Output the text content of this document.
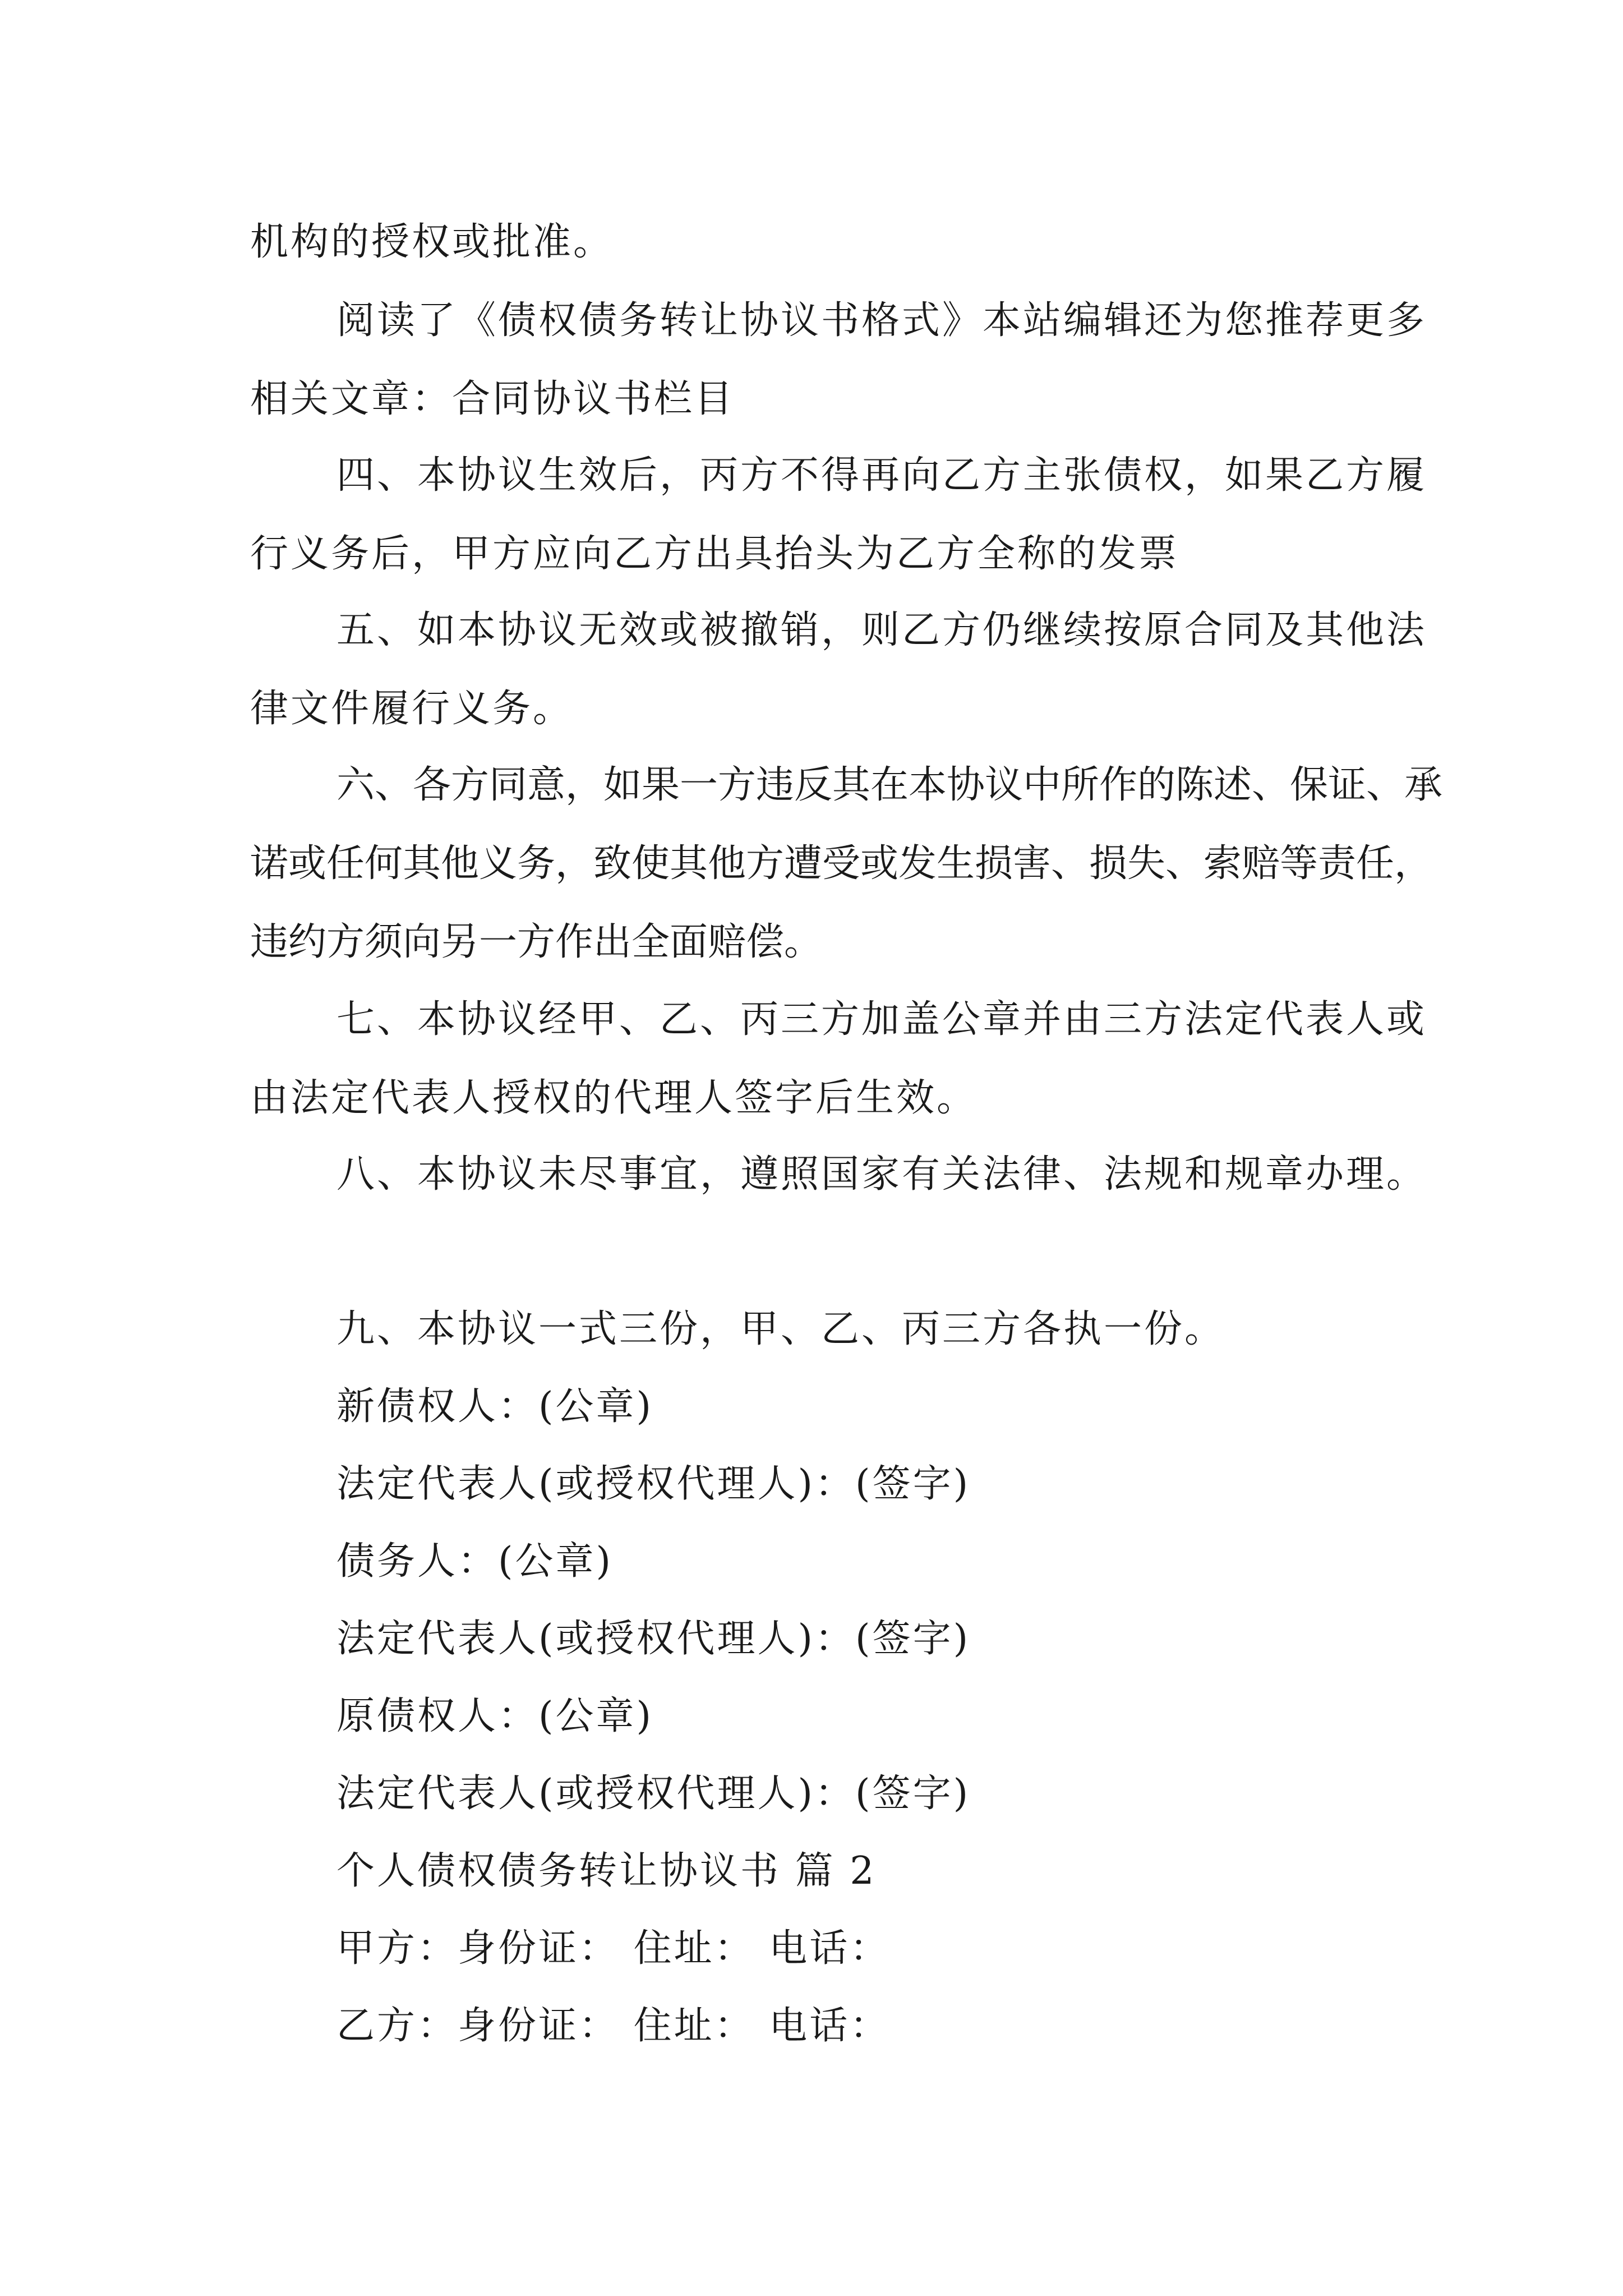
机构的授权或批准。

阅读了《债权债务转让协议书格式》本站编辑还为您推荐更多相关文章：合同协议书栏目

四、本协议生效后，丙方不得再向乙方主张债权，如果乙方履行义务后，甲方应向乙方出具抬头为乙方全称的发票

五、如本协议无效或被撤销，则乙方仍继续按原合同及其他法律文件履行义务。

六、各方同意，如果一方违反其在本协议中所作的陈述、保证、承诺或任何其他义务，致使其他方遭受或发生损害、损失、索赔等责任，违约方须向另一方作出全面赔偿。

七、本协议经甲、乙、丙三方加盖公章并由三方法定代表人或由法定代表人授权的代理人签字后生效。

八、本协议未尽事宜，遵照国家有关法律、法规和规章办理。

九、本协议一式三份，甲、乙、丙三方各执一份。

新债权人：(公章)

法定代表人(或授权代理人)：(签字)

债务人：(公章)

法定代表人(或授权代理人)：(签字)

原债权人：(公章)

法定代表人(或授权代理人)：(签字)

个人债权债务转让协议书 篇 2

甲方：身份证： 住址： 电话：

乙方：身份证： 住址： 电话：
